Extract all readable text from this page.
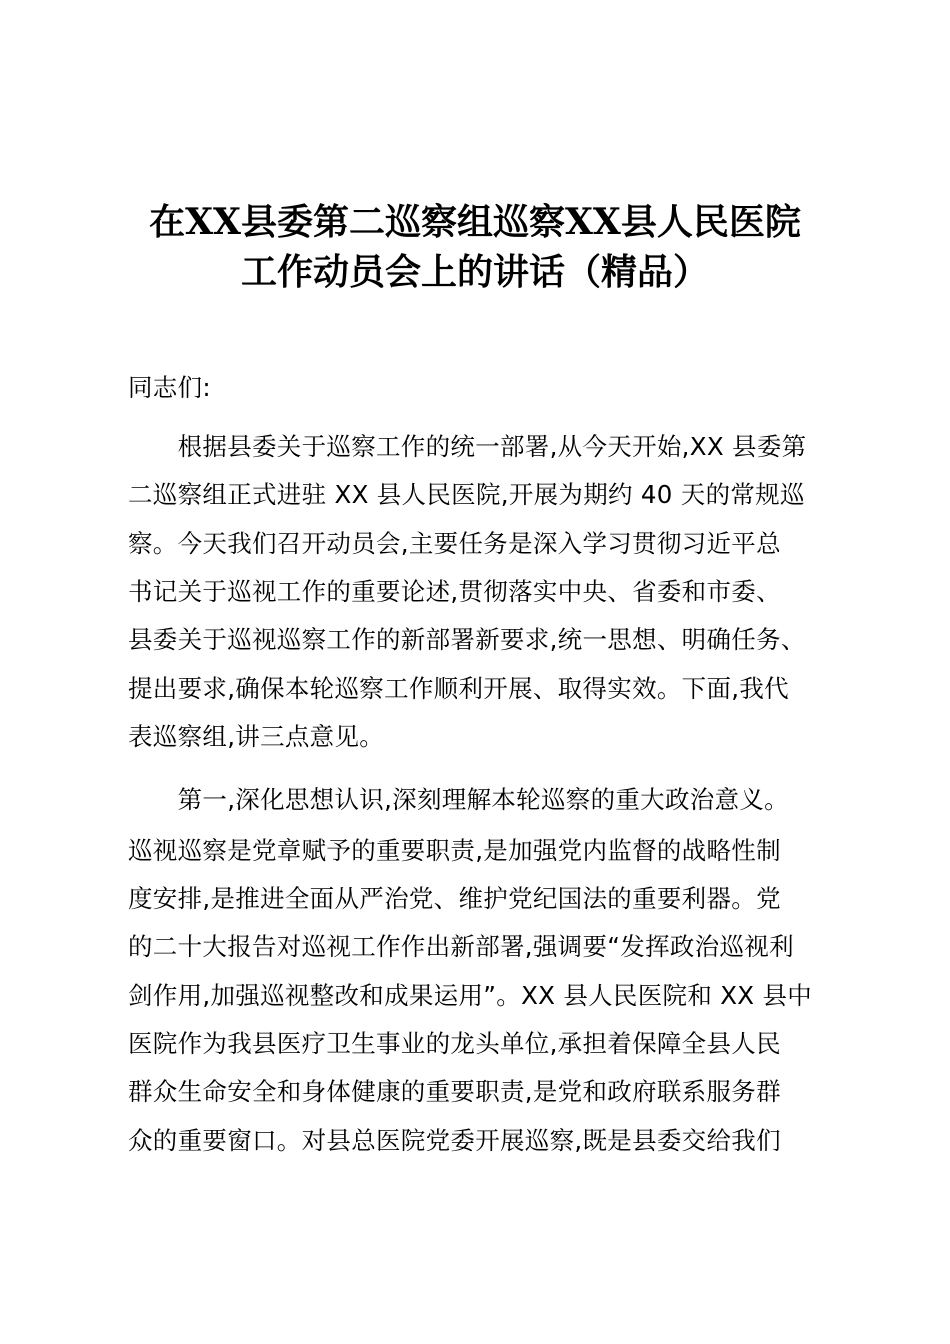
在XX县委第二巡察组巡察XX县人民医院
工作动员会上的讲话（精品）
同志们:
　　根据县委关于巡察工作的统一部署,从今天开始,XX 县委第
二巡察组正式进驻 XX 县人民医院,开展为期约 40 天的常规巡
察。今天我们召开动员会,主要任务是深入学习贯彻习近平总
书记关于巡视工作的重要论述,贯彻落实中央、省委和市委、
县委关于巡视巡察工作的新部署新要求,统一思想、明确任务、
提出要求,确保本轮巡察工作顺利开展、取得实效。下面,我代
表巡察组,讲三点意见。
　　第一,深化思想认识,深刻理解本轮巡察的重大政治意义。
巡视巡察是党章赋予的重要职责,是加强党内监督的战略性制
度安排,是推进全面从严治党、维护党纪国法的重要利器。党
的二十大报告对巡视工作作出新部署,强调要“发挥政治巡视利
剑作用,加强巡视整改和成果运用”。XX 县人民医院和 XX 县中
医院作为我县医疗卫生事业的龙头单位,承担着保障全县人民
群众生命安全和身体健康的重要职责,是党和政府联系服务群
众的重要窗口。对县总医院党委开展巡察,既是县委交给我们
